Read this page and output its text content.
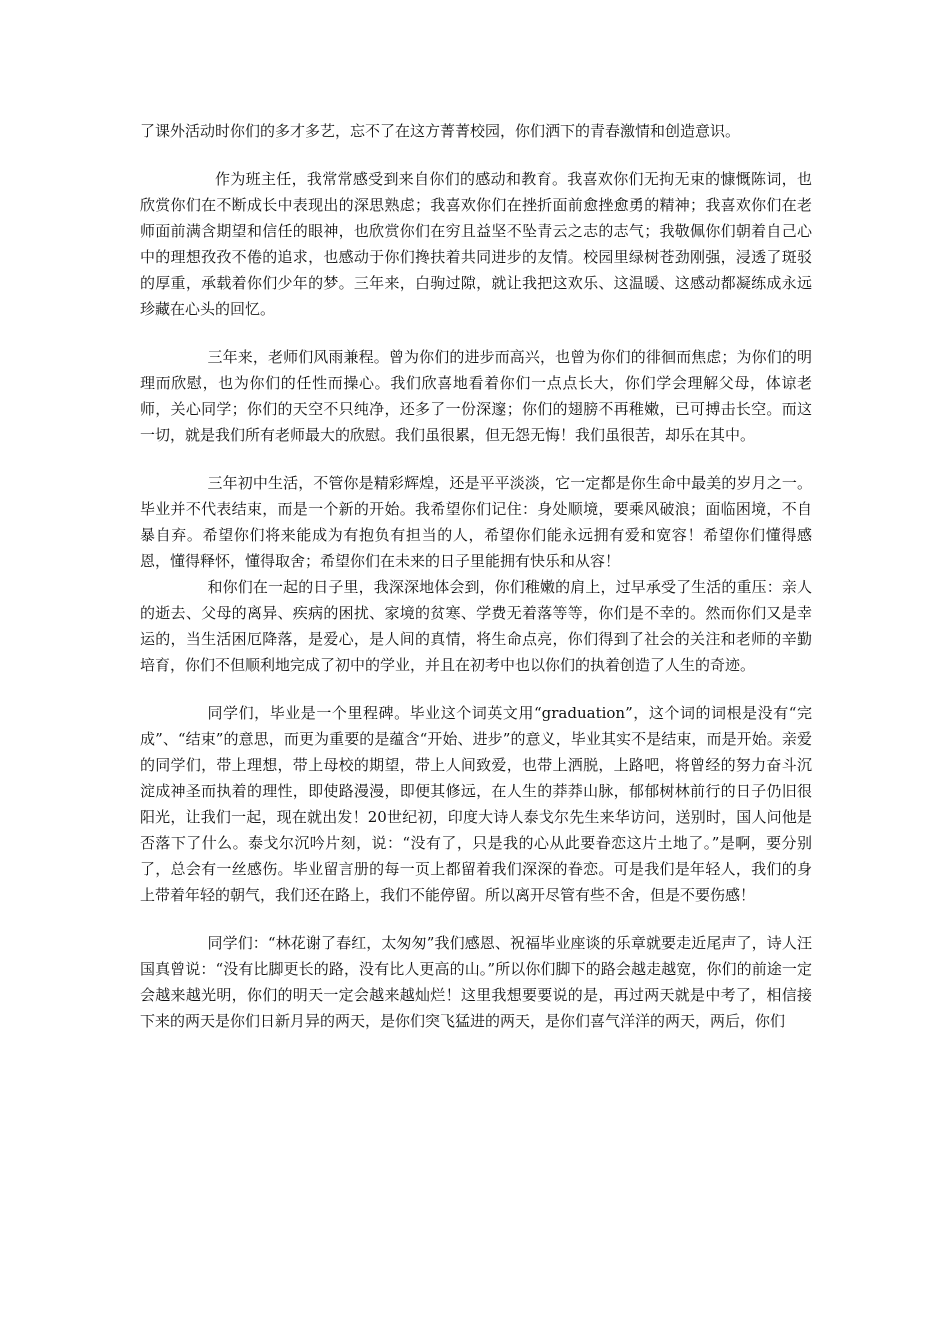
了课外活动时你们的多才多艺，忘不了在这方菁菁校园，你们洒下的青春激情和创造意识。

作为班主任，我常常感受到来自你们的感动和教育。我喜欢你们无拘无束的慷慨陈词，也欣赏你们在不断成长中表现出的深思熟虑；我喜欢你们在挫折面前愈挫愈勇的精神；我喜欢你们在老师面前满含期望和信任的眼神，也欣赏你们在穷且益坚不坠青云之志的志气；我敬佩你们朝着自己心中的理想孜孜不倦的追求，也感动于你们搀扶着共同进步的友情。校园里绿树苍劲刚强，浸透了斑驳的厚重，承载着你们少年的梦。三年来，白驹过隙，就让我把这欢乐、这温暖、这感动都凝练成永远珍藏在心头的回忆。

三年来，老师们风雨兼程。曾为你们的进步而高兴，也曾为你们的徘徊而焦虑；为你们的明理而欣慰，也为你们的任性而操心。我们欣喜地看着你们一点点长大，你们学会理解父母，体谅老师，关心同学；你们的天空不只纯净，还多了一份深邃；你们的翅膀不再稚嫩，已可搏击长空。而这一切，就是我们所有老师最大的欣慰。我们虽很累，但无怨无悔！我们虽很苦，却乐在其中。

三年初中生活，不管你是精彩辉煌，还是平平淡淡，它一定都是你生命中最美的岁月之一。毕业并不代表结束，而是一个新的开始。我希望你们记住：身处顺境，要乘风破浪；面临困境，不自暴自弃。希望你们将来能成为有抱负有担当的人，希望你们能永远拥有爱和宽容！希望你们懂得感恩，懂得释怀，懂得取舍；希望你们在未来的日子里能拥有快乐和从容！

和你们在一起的日子里，我深深地体会到，你们稚嫩的肩上，过早承受了生活的重压：亲人的逝去、父母的离异、疾病的困扰、家境的贫寒、学费无着落等等，你们是不幸的。然而你们又是幸运的，当生活困厄降落，是爱心，是人间的真情，将生命点亮，你们得到了社会的关注和老师的辛勤培育，你们不但顺利地完成了初中的学业，并且在初考中也以你们的执着创造了人生的奇迹。

同学们，毕业是一个里程碑。毕业这个词英文用“graduation”，这个词的词根是没有“完成”、“结束”的意思，而更为重要的是蕴含“开始、进步”的意义，毕业其实不是结束，而是开始。亲爱的同学们，带上理想，带上母校的期望，带上人间致爱，也带上洒脱，上路吧，将曾经的努力奋斗沉淀成神圣而执着的理性，即使路漫漫，即便其修远，在人生的莽莽山脉，郁郁树林前行的日子仍旧很阳光，让我们一起，现在就出发！20世纪初，印度大诗人泰戈尔先生来华访问，送别时，国人问他是否落下了什么。泰戈尔沉吟片刻，说：“没有了，只是我的心从此要眷恋这片土地了。”是啊，要分别了，总会有一丝感伤。毕业留言册的每一页上都留着我们深深的眷恋。可是我们是年轻人，我们的身上带着年轻的朝气，我们还在路上，我们不能停留。所以离开尽管有些不舍，但是不要伤感！

同学们：“林花谢了春红，太匆匆”我们感恩、祝福毕业座谈的乐章就要走近尾声了，诗人汪国真曾说：“没有比脚更长的路，没有比人更高的山。”所以你们脚下的路会越走越宽，你们的前途一定会越来越光明，你们的明天一定会越来越灿烂！这里我想要要说的是，再过两天就是中考了，相信接下来的两天是你们日新月异的两天，是你们突飞猛进的两天，是你们喜气洋洋的两天，两后，你们
